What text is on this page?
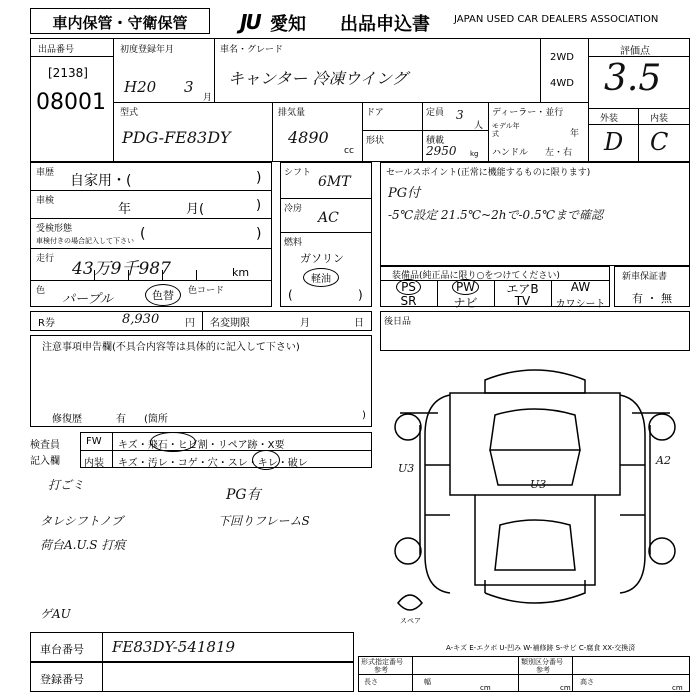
車内保管・守衛保管	JU 愛知 出品申込書 JAPAN USED CAR DEALERS ASSOCIATION
出品番号
[2138]
08001
初度登録年月
H20 3
月
車名・グレード
キャンター 冷凍ウイング
2WD
4WD
評価点
3.5
外装	内装
D C
型式
PDG-FE83DY
排気量
4890
cc
ドア
形状
定員 3
人
積載
2950 kg
ディーラー・並行
モデル年式	年
ハンドル 左・右
車歴 自家用・(	)
車検
年	月(	)
受検形態
車検付きの場合記入して下さい (	)
走行 43万9千987	km
色
パープル	色替	色コード
シフト
6MT
冷房
AC
燃料
ガソリン
軽油
(	)
セールスポイント(正常に機能するものに限ります)
PG付
-5℃設定 21.5℃~2hで-0.5℃まで確認
装備品(純正品に限り○をつけてください)
PS	PW	エアB	AW
SR	ナビ	TV	カワシート
新車保証書
有 ・ 無
R券	8,930	円 名変期限	月	日 後日品
注意事項申告欄(不具合内容等は具体的に記入して下さい)
修復歴	有 (箇所	)
検査員
記入欄
FW キズ・飛石・ヒビ割・リペア跡・X要
内装 キズ・汚レ・コゲ・穴・スレ・キレ・破レ
打ごミ
PG有
タレシフトノブ	下回りフレームS
荷台A.U.S 打痕
ゲAU
U3
U3
A2
スペア
A-キズ E-エクボ U-凹み W-補修跡 S-サビ C-腐食 XX-交換済
車台番号 FE83DY-541819
登録番号
形式指定番号
参考
類別区分番号
参考
長さ
cm
幅	高さ
cm	cm
